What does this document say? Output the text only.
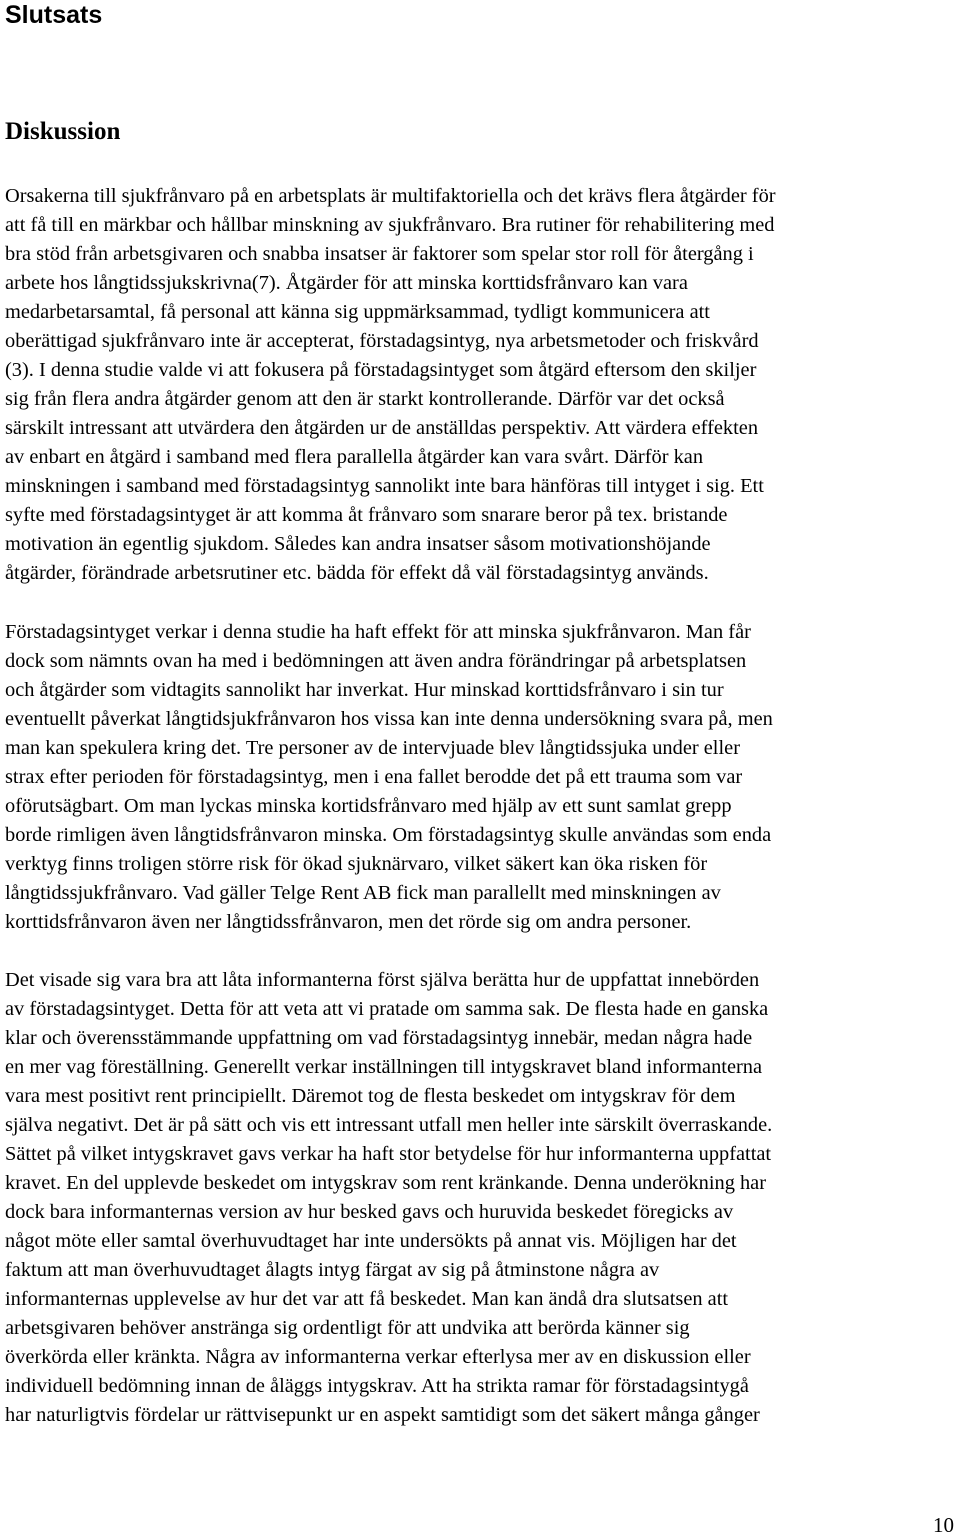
Slutsats
Diskussion

Orsakerna till sjukfrånvaro på en arbetsplats är multifaktoriella och det krävs flera åtgärder för
att få till en märkbar och hållbar minskning av sjukfrånvaro. Bra rutiner för rehabilitering med
bra stöd från arbetsgivaren och snabba insatser är faktorer som spelar stor roll för återgång i
arbete hos långtidssjukskrivna(7). Åtgärder för att minska korttidsfrånvaro kan vara
medarbetarsamtal, få personal att känna sig uppmärksammad, tydligt kommunicera att
oberättigad sjukfrånvaro inte är accepterat, förstadagsintyg, nya arbetsmetoder och friskvård
(3). I denna studie valde vi att fokusera på förstadagsintyget som åtgärd eftersom den skiljer
sig från flera andra åtgärder genom att den är starkt kontrollerande. Därför var det också
särskilt intressant att utvärdera den åtgärden ur de anställdas perspektiv. Att värdera effekten
av enbart en åtgärd i samband med flera parallella åtgärder kan vara svårt. Därför kan
minskningen i samband med förstadagsintyg sannolikt inte bara hänföras till intyget i sig. Ett
syfte med förstadagsintyget är att komma åt frånvaro som snarare beror på tex. bristande
motivation än egentlig sjukdom. Således kan andra insatser såsom motivationshöjande
åtgärder, förändrade arbetsrutiner etc. bädda för effekt då väl förstadagsintyg används.

Förstadagsintyget verkar i denna studie ha haft effekt för att minska sjukfrånvaron. Man får
dock som nämnts ovan ha med i bedömningen att även andra förändringar på arbetsplatsen
och åtgärder som vidtagits sannolikt har inverkat. Hur minskad korttidsfrånvaro i sin tur
eventuellt påverkat långtidsjukfrånvaron hos vissa kan inte denna undersökning svara på, men
man kan spekulera kring det. Tre personer av de intervjuade blev långtidssjuka under eller
strax efter perioden för förstadagsintyg, men i ena fallet berodde det på ett trauma som var
oförutsägbart. Om man lyckas minska kortidsfrånvaro med hjälp av ett sunt samlat grepp
borde rimligen även långtidsfrånvaron minska. Om förstadagsintyg skulle användas som enda
verktyg finns troligen större risk för ökad sjuknärvaro, vilket säkert kan öka risken för
långtidssjukfrånvaro. Vad gäller Telge Rent AB fick man parallellt med minskningen av
korttidsfrånvaron även ner långtidssfrånvaron, men det rörde sig om andra personer.

Det visade sig vara bra att låta informanterna först själva berätta hur de uppfattat innebörden
av förstadagsintyget. Detta för att veta att vi pratade om samma sak. De flesta hade en ganska
klar och överensstämmande uppfattning om vad förstadagsintyg innebär, medan några hade
en mer vag föreställning. Generellt verkar inställningen till intygskravet bland informanterna
vara mest positivt rent principiellt. Däremot tog de flesta beskedet om intygskrav för dem
själva negativt. Det är på sätt och vis ett intressant utfall men heller inte särskilt överraskande.
Sättet på vilket intygskravet gavs verkar ha haft stor betydelse för hur informanterna uppfattat
kravet. En del upplevde beskedet om intygskrav som rent kränkande. Denna underökning har
dock bara informanternas version av hur besked gavs och huruvida beskedet föregicks av
något möte eller samtal överhuvudtaget har inte undersökts på annat vis. Möjligen har det
faktum att man överhuvudtaget ålagts intyg färgat av sig på åtminstone några av
informanternas upplevelse av hur det var att få beskedet. Man kan ändå dra slutsatsen att
arbetsgivaren behöver anstränga sig ordentligt för att undvika att berörda känner sig
överkörda eller kränkta. Några av informanterna verkar efterlysa mer av en diskussion eller
individuell bedömning innan de åläggs intygskrav. Att ha strikta ramar för förstadagsintygå
har naturligtvis fördelar ur rättvisepunkt ur en aspekt samtidigt som det säkert många gånger

10
